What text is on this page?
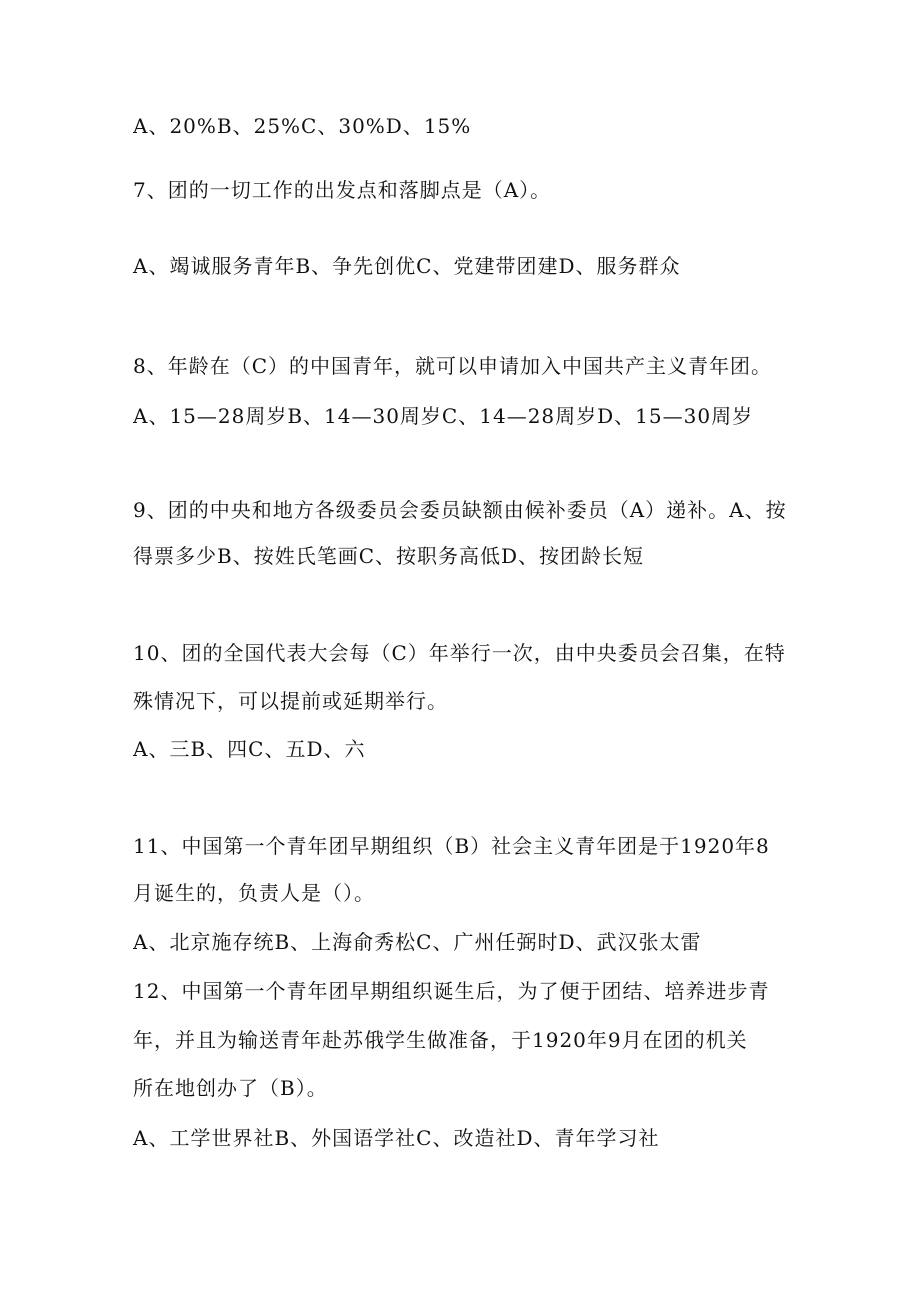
A、20%B、25%C、30%D、15%
7、团的一切工作的出发点和落脚点是（A）。
A、竭诚服务青年B、争先创优C、党建带团建D、服务群众
8、年龄在（C）的中国青年，就可以申请加入中国共产主义青年团。
A、15—28周岁B、14—30周岁C、14—28周岁D、15—30周岁
9、团的中央和地方各级委员会委员缺额由候补委员（A）递补。A、按
得票多少B、按姓氏笔画C、按职务高低D、按团龄长短
10、团的全国代表大会每（C）年举行一次，由中央委员会召集，在特
殊情况下，可以提前或延期举行。
A、三B、四C、五D、六
11、中国第一个青年团早期组织（B）社会主义青年团是于1920年8
月诞生的，负责人是（）。
A、北京施存统B、上海俞秀松C、广州任弼时D、武汉张太雷
12、中国第一个青年团早期组织诞生后，为了便于团结、培养进步青
年，并且为输送青年赴苏俄学生做准备，于1920年9月在团的机关
所在地创办了（B）。
A、工学世界社B、外国语学社C、改造社D、青年学习社
